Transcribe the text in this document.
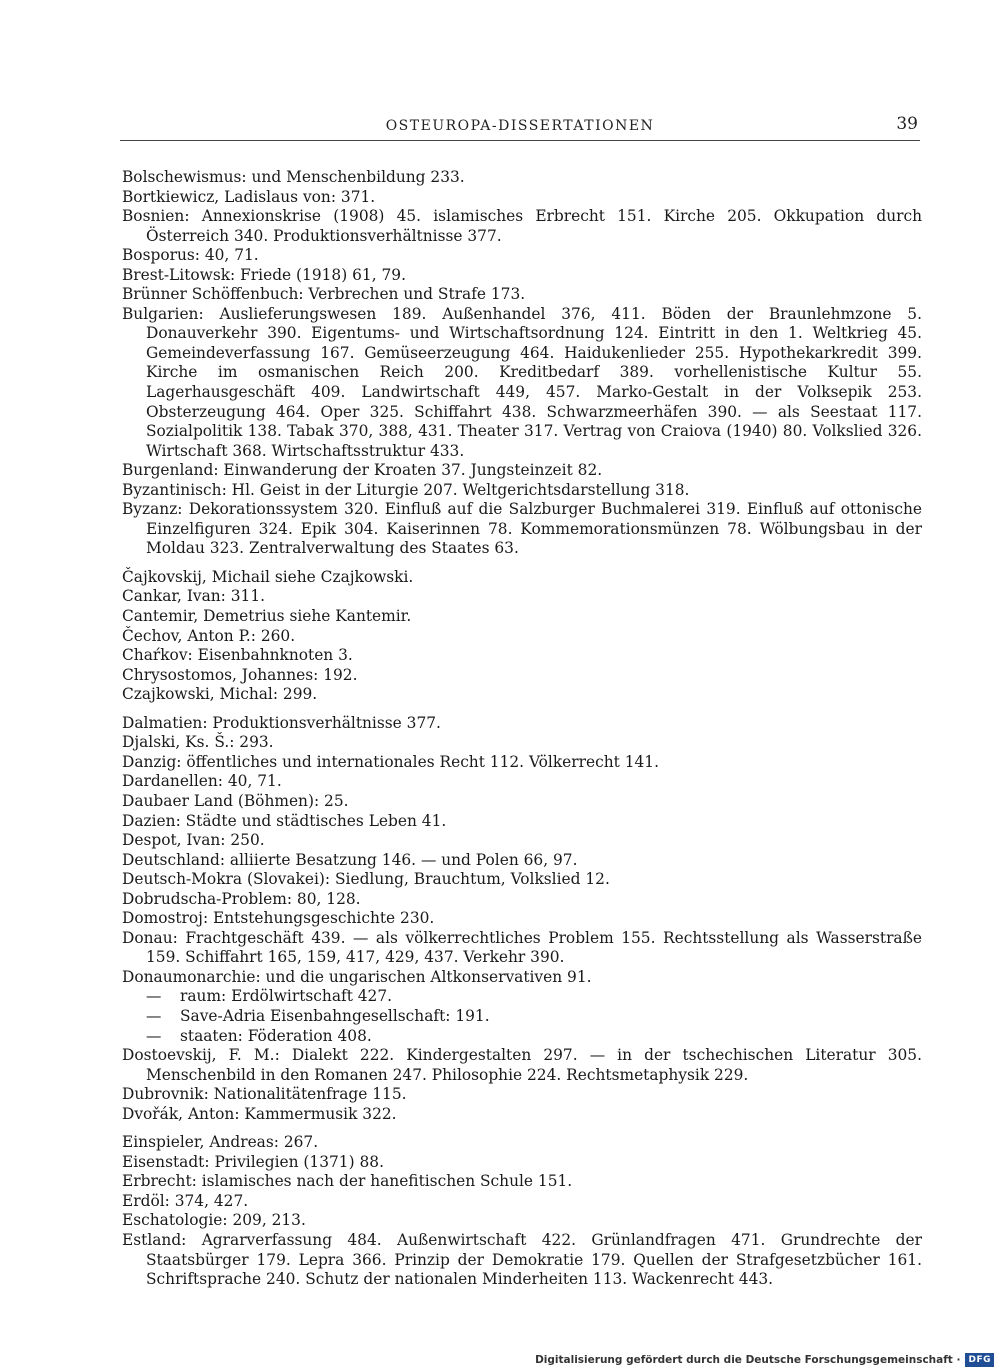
OSTEUROPA-DISSERTATIONEN	39

Bolschewismus: und Menschenbildung 233.

Bortkiewicz, Ladislaus von: 371.

Bosnien: Annexionskrise (1908) 45. islamisches Erbrecht 151. Kirche 205. Okkupation durch Österreich 340. Produktionsverhältnisse 377.

Bosporus: 40, 71.

Brest-Litowsk: Friede (1918) 61, 79.

Brünner Schöffenbuch: Verbrechen und Strafe 173.

Bulgarien: Auslieferungswesen 189. Außenhandel 376, 411. Böden der Braunlehmzone 5. Donauverkehr 390. Eigentums- und Wirtschaftsordnung 124. Eintritt in den 1. Weltkrieg 45. Gemeindeverfassung 167. Gemüseerzeugung 464. Haidukenlieder 255. Hypothekarkredit 399. Kirche im osmanischen Reich 200. Kreditbedarf 389. vorhellenistische Kultur 55. Lagerhausgeschäft 409. Landwirtschaft 449, 457. Marko-Gestalt in der Volksepik 253. Obsterzeugung 464. Oper 325. Schiffahrt 438. Schwarzmeerhäfen 390. — als Seestaat 117. Sozialpolitik 138. Tabak 370, 388, 431. Theater 317. Vertrag von Craiova (1940) 80. Volkslied 326. Wirtschaft 368. Wirtschaftsstruktur 433.

Burgenland: Einwanderung der Kroaten 37. Jungsteinzeit 82.

Byzantinisch: Hl. Geist in der Liturgie 207. Weltgerichtsdarstellung 318.

Byzanz: Dekorationssystem 320. Einfluß auf die Salzburger Buchmalerei 319. Einfluß auf ottonische Einzelfiguren 324. Epik 304. Kaiserinnen 78. Kommemorationsmünzen 78. Wölbungsbau in der Moldau 323. Zentralverwaltung des Staates 63.

Čajkovskij, Michail siehe Czajkowski.

Cankar, Ivan: 311.

Cantemir, Demetrius siehe Kantemir.

Čechov, Anton P.: 260.

Chaŕkov: Eisenbahnknoten 3.

Chrysostomos, Johannes: 192.

Czajkowski, Michal: 299.

Dalmatien: Produktionsverhältnisse 377.

Djalski, Ks. Š.: 293.

Danzig: öffentliches und internationales Recht 112. Völkerrecht 141.

Dardanellen: 40, 71.

Daubaer Land (Böhmen): 25.

Dazien: Städte und städtisches Leben 41.

Despot, Ivan: 250.

Deutschland: alliierte Besatzung 146. — und Polen 66, 97.

Deutsch-Mokra (Slovakei): Siedlung, Brauchtum, Volkslied 12.

Dobrudscha-Problem: 80, 128.

Domostroj: Entstehungsgeschichte 230.

Donau: Frachtgeschäft 439. — als völkerrechtliches Problem 155. Rechtsstellung als Wasserstraße 159. Schiffahrt 165, 159, 417, 429, 437. Verkehr 390.

Donaumonarchie: und die ungarischen Altkonservativen 91.

— raum: Erdölwirtschaft 427.

— Save-Adria Eisenbahngesellschaft: 191.

— staaten: Föderation 408.

Dostoevskij, F. M.: Dialekt 222. Kindergestalten 297. — in der tschechischen Literatur 305. Menschenbild in den Romanen 247. Philosophie 224. Rechtsmetaphysik 229.

Dubrovnik: Nationalitätenfrage 115.

Dvořák, Anton: Kammermusik 322.

Einspieler, Andreas: 267.

Eisenstadt: Privilegien (1371) 88.

Erbrecht: islamisches nach der hanefitischen Schule 151.

Erdöl: 374, 427.

Eschatologie: 209, 213.

Estland: Agrarverfassung 484. Außenwirtschaft 422. Grünlandfragen 471. Grundrechte der Staatsbürger 179. Lepra 366. Prinzip der Demokratie 179. Quellen der Strafgesetzbücher 161. Schriftsprache 240. Schutz der nationalen Minderheiten 113. Wackenrecht 443.

Digitalisierung gefördert durch die Deutsche Forschungsgemeinschaft · DFG
